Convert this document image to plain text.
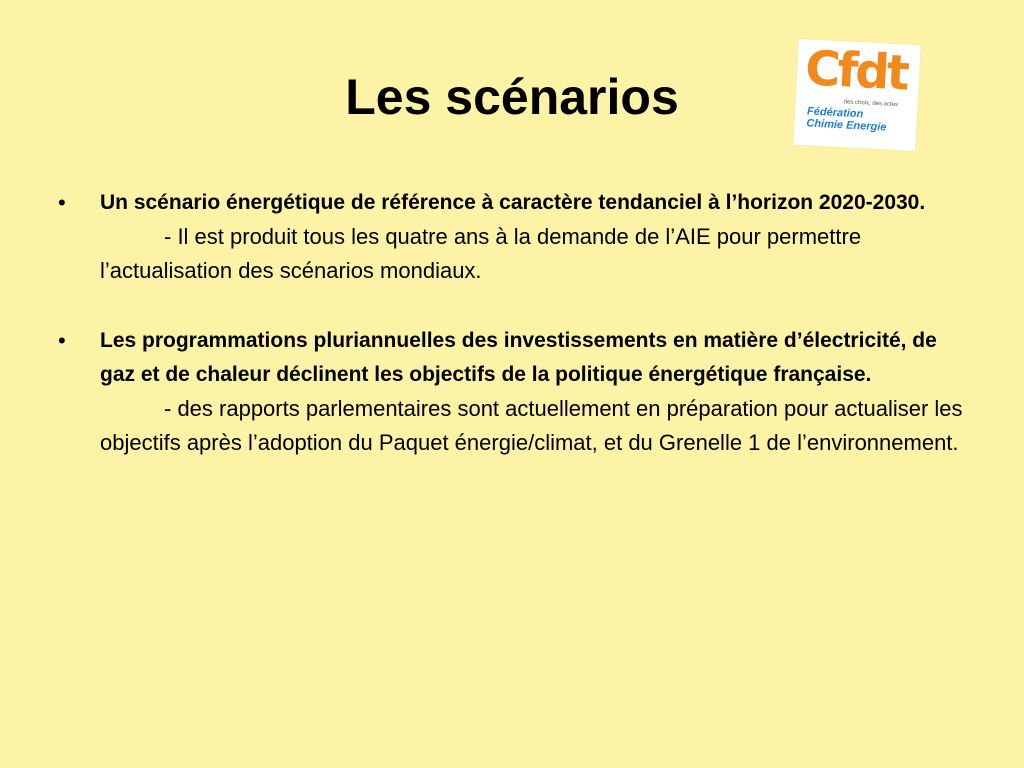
Les scénarios	Cfdt
des choix, des actes
Fédération
Chimie Energie
• Un scénario énergétique de référence à caractère tendanciel à l’horizon 2020-2030.
- Il est produit tous les quatre ans à la demande de l’AIE pour permettre l’actualisation des scénarios mondiaux.
• Les programmations pluriannuelles des investissements en matière d’électricité, de gaz et de chaleur déclinent les objectifs de la politique énergétique française.
- des rapports parlementaires sont actuellement en préparation pour actualiser les objectifs après l’adoption du Paquet énergie/climat, et du Grenelle 1 de l’environnement.
